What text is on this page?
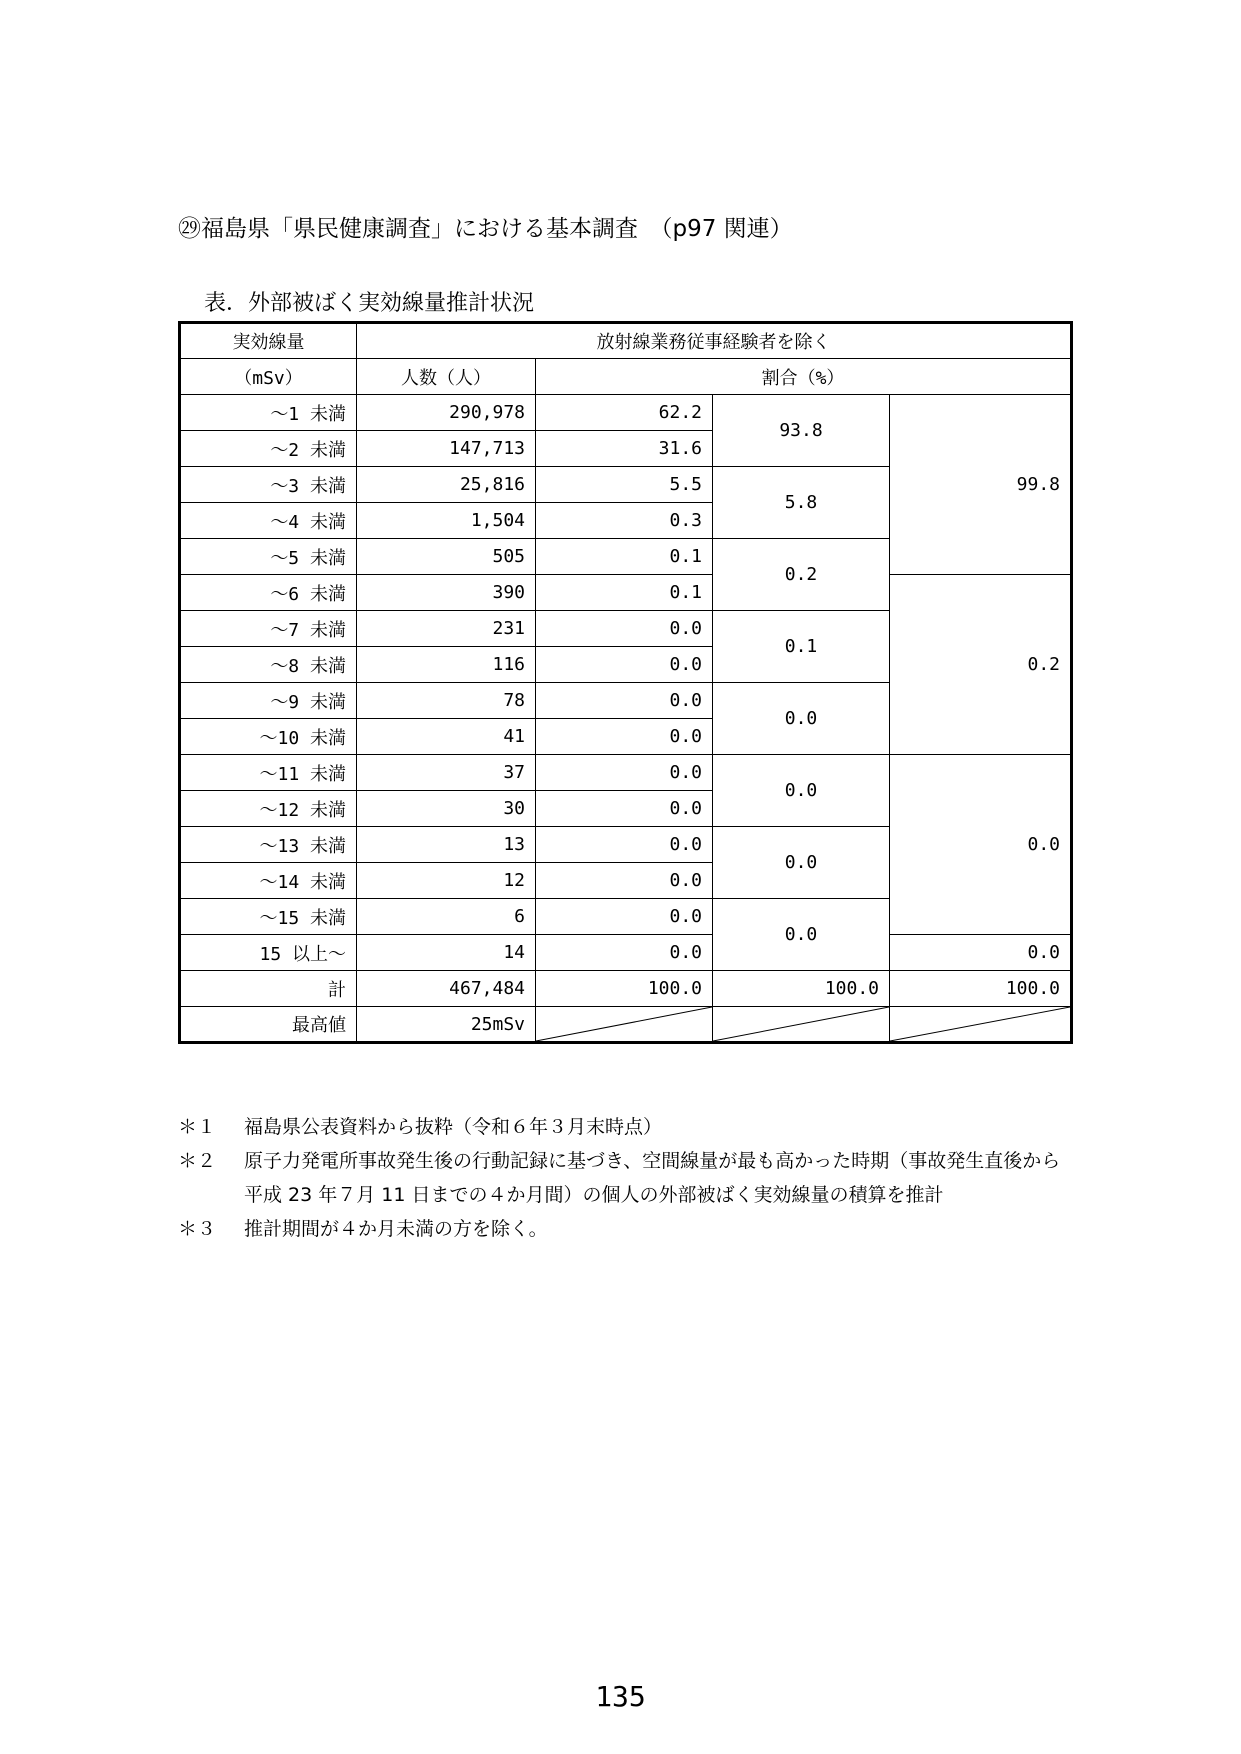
㉙福島県「県民健康調査」における基本調査　（p97 関連）
表．外部被ばく実効線量推計状況
実効線量	放射線業務従事経験者を除く			
（mSv）	人数（人）	割合（%）		
～1 未満	290,978	62.2	93.8	99.8
～2 未満	147,713	31.6		
～3 未満	25,816	5.5	5.8	
～4 未満	1,504	0.3		
～5 未満	505	0.1	0.2	
～6 未満	390	0.1		0.2
～7 未満	231	0.0	0.1	
～8 未満	116	0.0		
～9 未満	78	0.0	0.0	
～10 未満	41	0.0		
～11 未満	37	0.0	0.0	0.0
～12 未満	30	0.0		
～13 未満	13	0.0	0.0	
～14 未満	12	0.0		
～15 未満	6	0.0	0.0	
15 以上～	14	0.0		0.0
計	467,484	100.0	100.0	100.0
最高値	25mSv	

＊１	福島県公表資料から抜粋（令和６年３月末時点）
＊２	原子力発電所事故発生後の行動記録に基づき、空間線量が最も高かった時期（事故発生直後から平成 23 年７月 11 日までの４か月間）の個人の外部被ばく実効線量の積算を推計
＊３	推計期間が４か月未満の方を除く。
135
